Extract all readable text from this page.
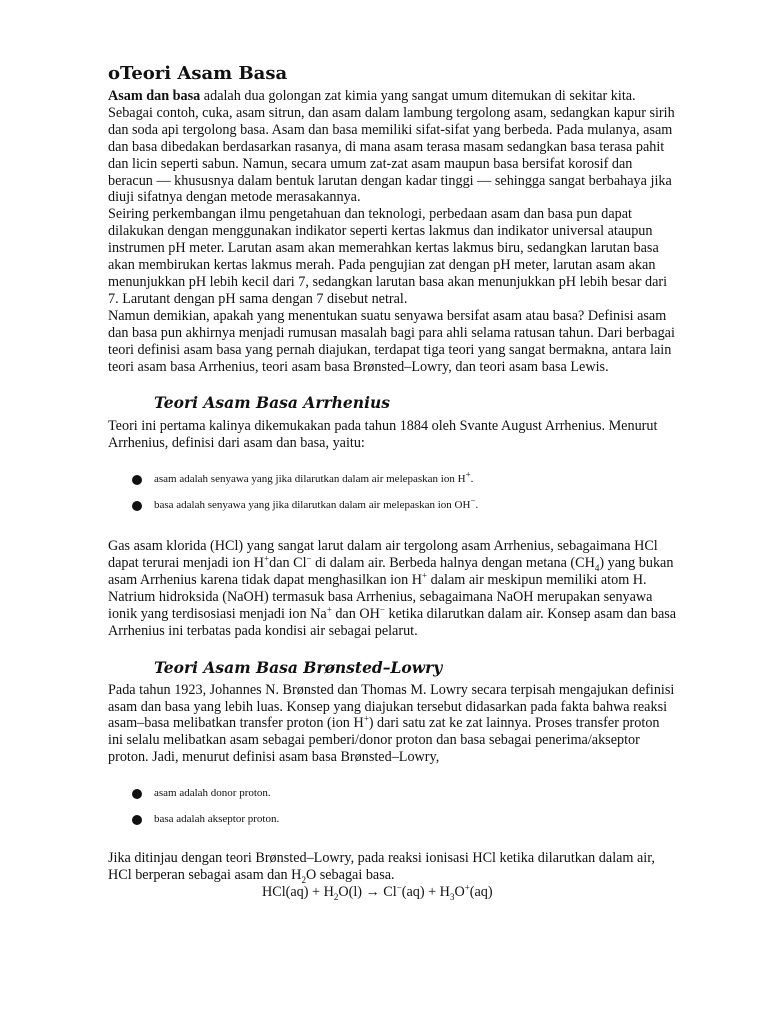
oTeori Asam Basa

Asam dan basa adalah dua golongan zat kimia yang sangat umum ditemukan di sekitar kita. Sebagai contoh, cuka, asam sitrun, dan asam dalam lambung tergolong asam, sedangkan kapur sirih dan soda api tergolong basa. Asam dan basa memiliki sifat-sifat yang berbeda. Pada mulanya, asam dan basa dibedakan berdasarkan rasanya, di mana asam terasa masam sedangkan basa terasa pahit dan licin seperti sabun. Namun, secara umum zat-zat asam maupun basa bersifat korosif dan beracun — khususnya dalam bentuk larutan dengan kadar tinggi — sehingga sangat berbahaya jika diuji sifatnya dengan metode merasakannya.

Seiring perkembangan ilmu pengetahuan dan teknologi, perbedaan asam dan basa pun dapat dilakukan dengan menggunakan indikator seperti kertas lakmus dan indikator universal ataupun instrumen pH meter. Larutan asam akan memerahkan kertas lakmus biru, sedangkan larutan basa akan membirukan kertas lakmus merah. Pada pengujian zat dengan pH meter, larutan asam akan menunjukkan pH lebih kecil dari 7, sedangkan larutan basa akan menunjukkan pH lebih besar dari 7. Larutant dengan pH sama dengan 7 disebut netral.

Namun demikian, apakah yang menentukan suatu senyawa bersifat asam atau basa? Definisi asam dan basa pun akhirnya menjadi rumusan masalah bagi para ahli selama ratusan tahun. Dari berbagai teori definisi asam basa yang pernah diajukan, terdapat tiga teori yang sangat bermakna, antara lain teori asam basa Arrhenius, teori asam basa Brønsted–Lowry, dan teori asam basa Lewis.

Teori Asam Basa Arrhenius

Teori ini pertama kalinya dikemukakan pada tahun 1884 oleh Svante August Arrhenius. Menurut Arrhenius, definisi dari asam dan basa, yaitu:

asam adalah senyawa yang jika dilarutkan dalam air melepaskan ion H+.
basa adalah senyawa yang jika dilarutkan dalam air melepaskan ion OH−.

Gas asam klorida (HCl) yang sangat larut dalam air tergolong asam Arrhenius, sebagaimana HCl dapat terurai menjadi ion H+dan Cl− di dalam air. Berbeda halnya dengan metana $(CH_4)$ yang bukan asam Arrhenius karena tidak dapat menghasilkan ion H+ dalam air meskipun memiliki atom H. Natrium hidroksida (NaOH) termasuk basa Arrhenius, sebagaimana NaOH merupakan senyawa ionik yang terdisosiasi menjadi ion Na+ dan OH− ketika dilarutkan dalam air. Konsep asam dan basa Arrhenius ini terbatas pada kondisi air sebagai pelarut.

Teori Asam Basa Brønsted–Lowry

Pada tahun 1923, Johannes N. Brønsted dan Thomas M. Lowry secara terpisah mengajukan definisi asam dan basa yang lebih luas. Konsep yang diajukan tersebut didasarkan pada fakta bahwa reaksi asam–basa melibatkan transfer proton (ion H+) dari satu zat ke zat lainnya. Proses transfer proton ini selalu melibatkan asam sebagai pemberi/donor proton dan basa sebagai penerima/akseptor proton. Jadi, menurut definisi asam basa Brønsted–Lowry,

asam adalah donor proton.
basa adalah akseptor proton.

Jika ditinjau dengan teori Brønsted–Lowry, pada reaksi ionisasi HCl ketika dilarutkan dalam air, HCl berperan sebagai asam dan $H_2O$ sebagai basa.

$HCl(aq) + H_2O(l) \to Cl^-(aq) + H_3O^+(aq)$
